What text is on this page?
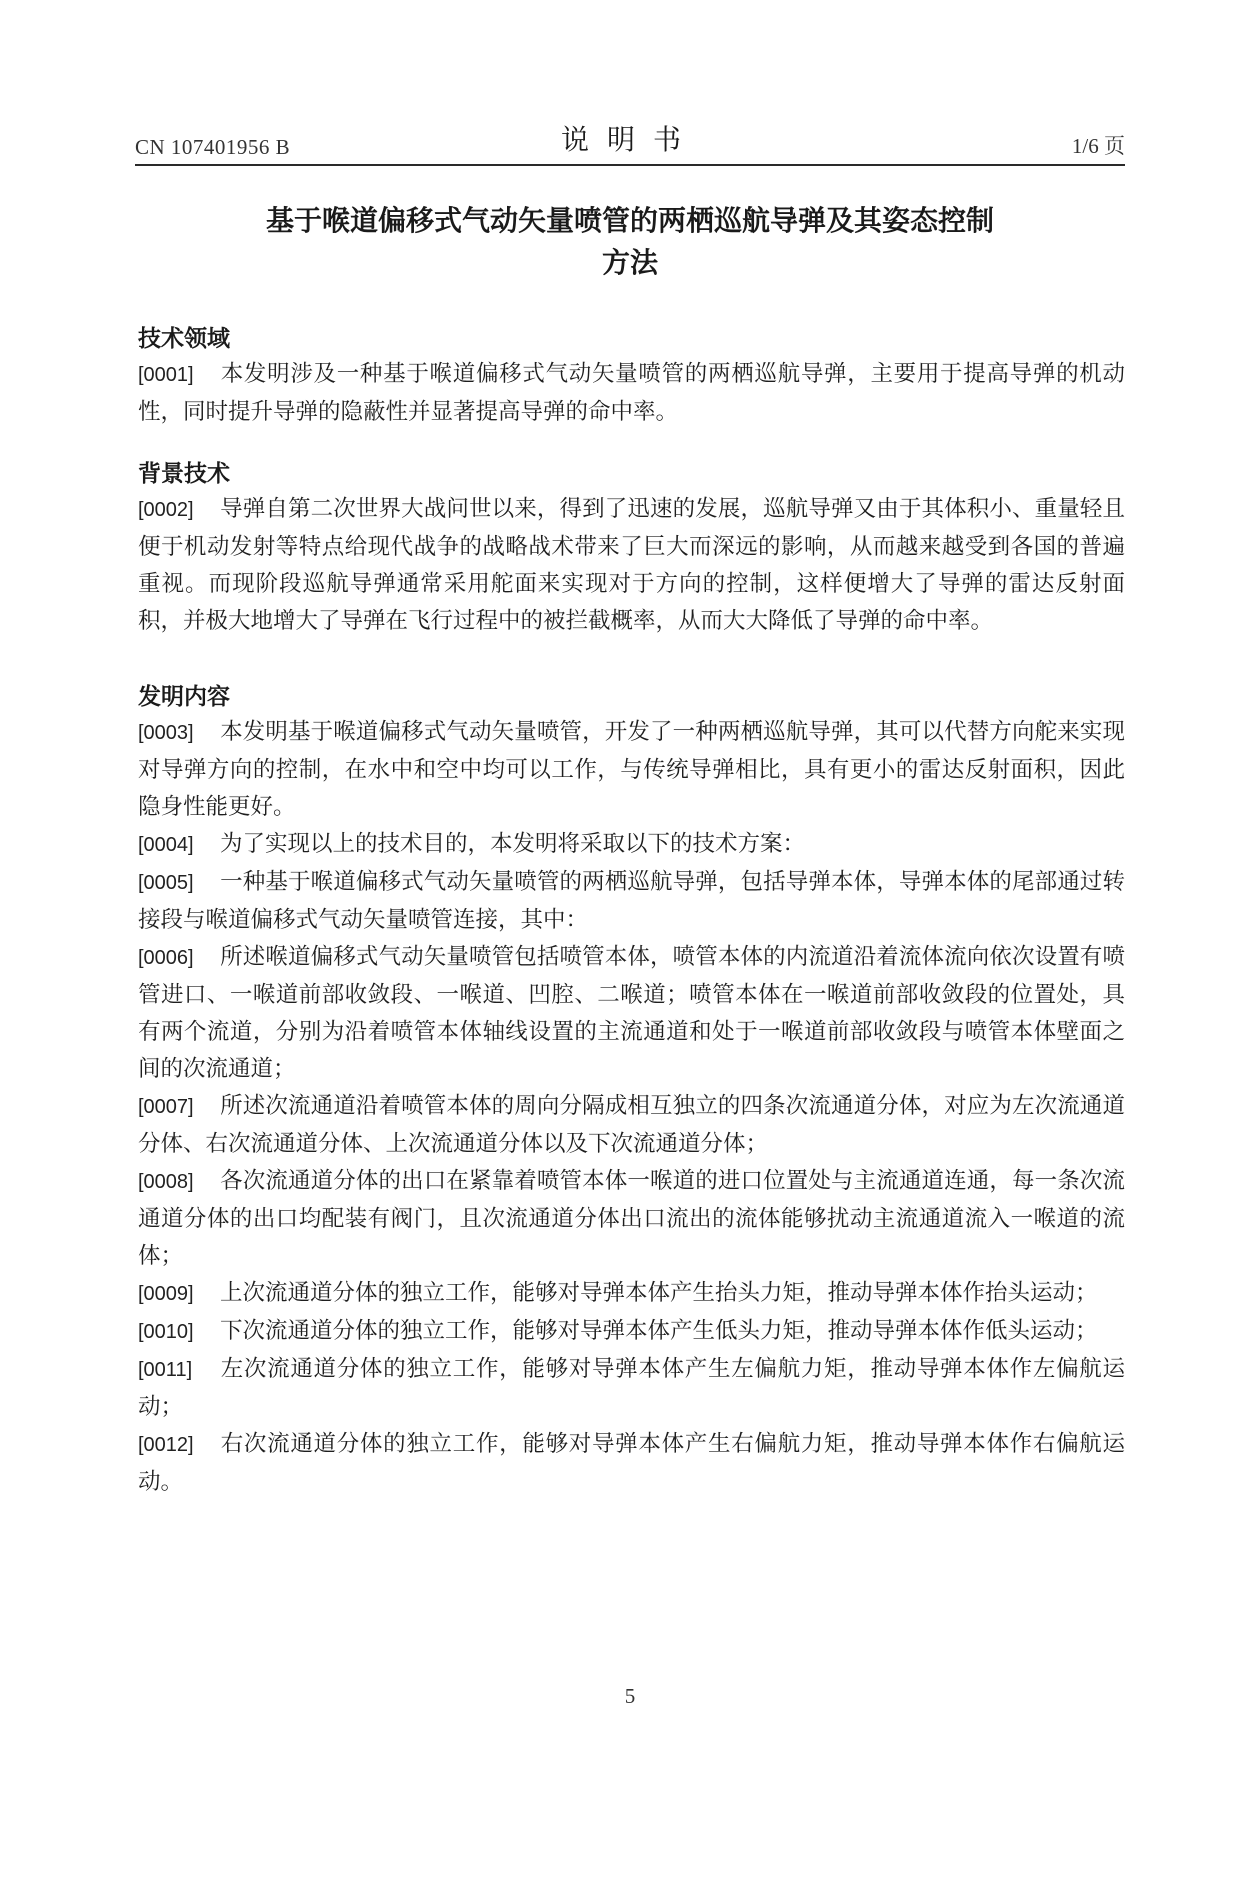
CN 107401956 B	说明书	1/6 页
基于喉道偏移式气动矢量喷管的两栖巡航导弹及其姿态控制
方法
技术领域

[0001] 本发明涉及一种基于喉道偏移式气动矢量喷管的两栖巡航导弹，主要用于提高导弹的机动性，同时提升导弹的隐蔽性并显著提高导弹的命中率。

背景技术

[0002] 导弹自第二次世界大战问世以来，得到了迅速的发展，巡航导弹又由于其体积小、重量轻且便于机动发射等特点给现代战争的战略战术带来了巨大而深远的影响，从而越来越受到各国的普遍重视。而现阶段巡航导弹通常采用舵面来实现对于方向的控制，这样便增大了导弹的雷达反射面积，并极大地增大了导弹在飞行过程中的被拦截概率，从而大大降低了导弹的命中率。

发明内容

[0003] 本发明基于喉道偏移式气动矢量喷管，开发了一种两栖巡航导弹，其可以代替方向舵来实现对导弹方向的控制，在水中和空中均可以工作，与传统导弹相比，具有更小的雷达反射面积，因此隐身性能更好。

[0004] 为了实现以上的技术目的，本发明将采取以下的技术方案：

[0005] 一种基于喉道偏移式气动矢量喷管的两栖巡航导弹，包括导弹本体，导弹本体的尾部通过转接段与喉道偏移式气动矢量喷管连接，其中：

[0006] 所述喉道偏移式气动矢量喷管包括喷管本体，喷管本体的内流道沿着流体流向依次设置有喷管进口、一喉道前部收敛段、一喉道、凹腔、二喉道；喷管本体在一喉道前部收敛段的位置处，具有两个流道，分别为沿着喷管本体轴线设置的主流通道和处于一喉道前部收敛段与喷管本体壁面之间的次流通道；

[0007] 所述次流通道沿着喷管本体的周向分隔成相互独立的四条次流通道分体，对应为左次流通道分体、右次流通道分体、上次流通道分体以及下次流通道分体；

[0008] 各次流通道分体的出口在紧靠着喷管本体一喉道的进口位置处与主流通道连通，每一条次流通道分体的出口均配装有阀门，且次流通道分体出口流出的流体能够扰动主流通道流入一喉道的流体；

[0009] 上次流通道分体的独立工作，能够对导弹本体产生抬头力矩，推动导弹本体作抬头运动；

[0010] 下次流通道分体的独立工作，能够对导弹本体产生低头力矩，推动导弹本体作低头运动；

[0011] 左次流通道分体的独立工作，能够对导弹本体产生左偏航力矩，推动导弹本体作左偏航运动；

[0012] 右次流通道分体的独立工作，能够对导弹本体产生右偏航力矩，推动导弹本体作右偏航运动。

5
